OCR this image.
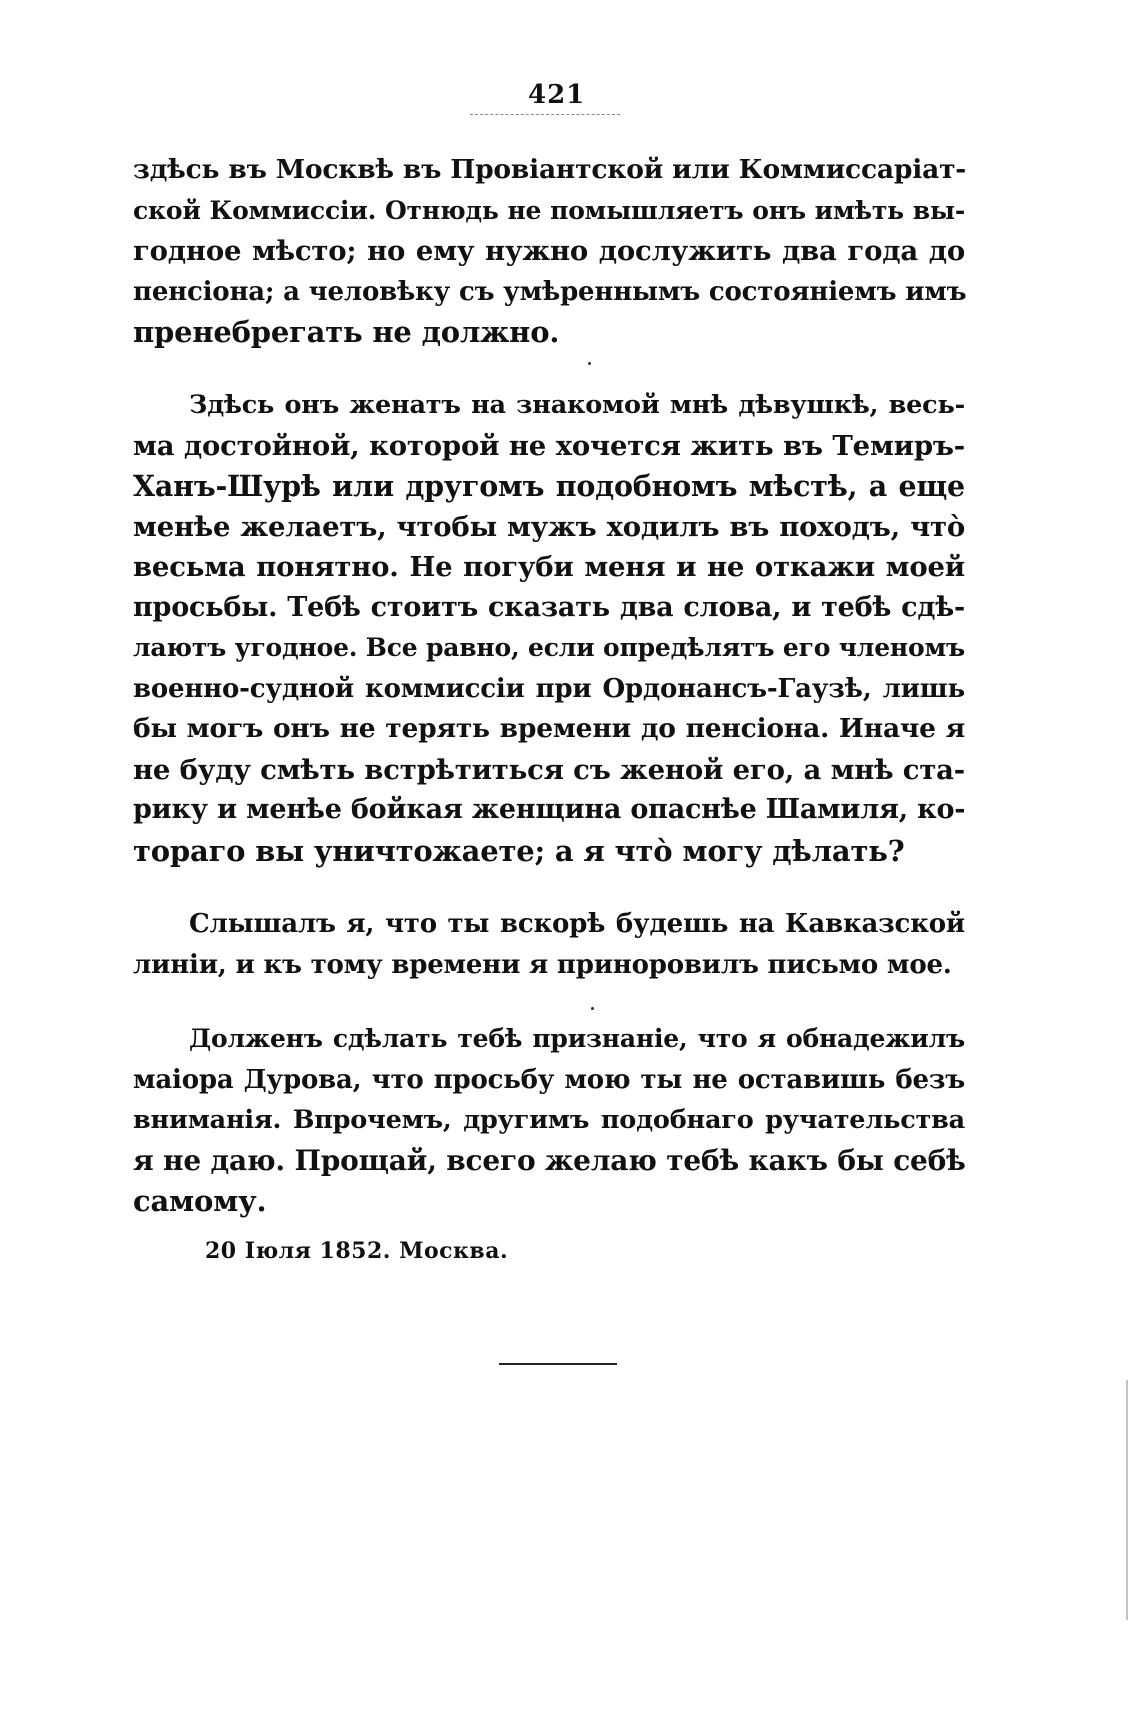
421
здѣсь въ Москвѣ въ Провіантской или Коммиссаріат-
ской Коммиссіи. Отнюдь не помышляетъ онъ имѣть вы-
годное мѣсто; но ему нужно дослужить два года до
пенсіона; а человѣку съ умѣреннымъ состояніемъ имъ
пренебрегать не должно.
Здѣсь онъ женатъ на знакомой мнѣ дѣвушкѣ, весь-
ма достойной, которой не хочется жить въ Темиръ-
Ханъ-Шурѣ или другомъ подобномъ мѣстѣ, а еще
менѣе желаетъ, чтобы мужъ ходилъ въ походъ, что̀
весьма понятно. Не погуби меня и не откажи моей
просьбы. Тебѣ стоитъ сказать два слова, и тебѣ сдѣ-
лаютъ угодное. Все равно, если опредѣлятъ его членомъ
военно-судной коммиссіи при Ордонансъ-Гаузѣ, лишь
бы могъ онъ не терять времени до пенсіона. Иначе я
не буду смѣть встрѣтиться съ женой его, а мнѣ ста-
рику и менѣе бойкая женщина опаснѣе Шамиля, ко-
тораго вы уничтожаете; а я что̀ могу дѣлать?
Слышалъ я, что ты вскорѣ будешь на Кавказской
линіи, и къ тому времени я приноровилъ письмо мое.
Долженъ сдѣлать тебѣ признаніе, что я обнадежилъ
маіора Дурова, что просьбу мою ты не оставишь безъ
вниманія. Впрочемъ, другимъ подобнаго ручательства
я не даю. Прощай, всего желаю тебѣ какъ бы себѣ
самому.
20 Іюля 1852. Москва.
